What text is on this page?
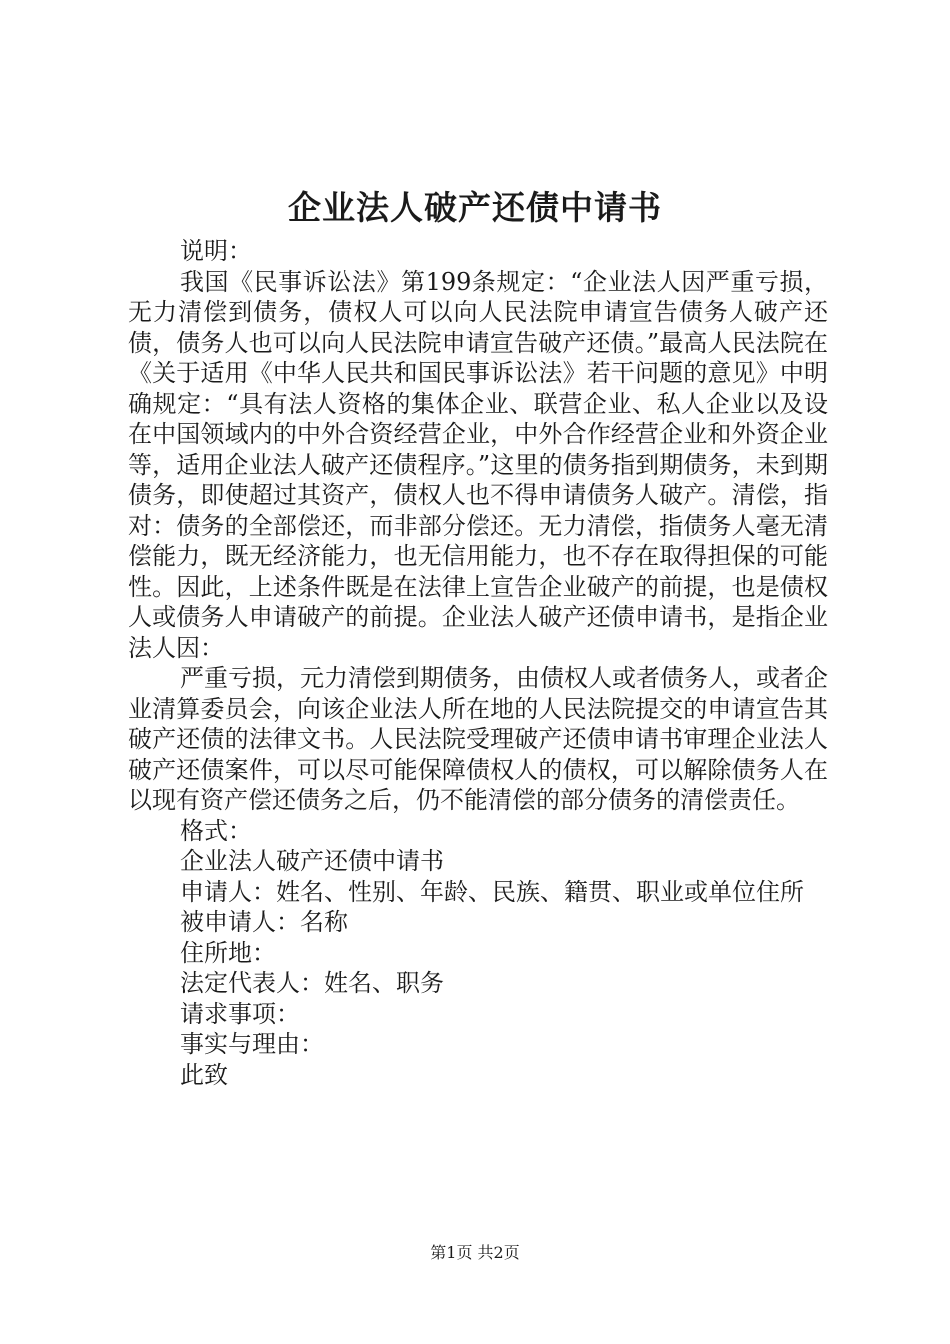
企业法人破产还债中请书

说明：

我国《民事诉讼法》第199条规定：“企业法人因严重亏损，无力清偿到债务，债权人可以向人民法院申请宣告债务人破产还债，债务人也可以向人民法院申请宣告破产还债。”最高人民法院在《关于适用《中华人民共和国民事诉讼法》若干问题的意见》中明确规定：“具有法人资格的集体企业、联营企业、私人企业以及设在中国领域内的中外合资经营企业，中外合作经营企业和外资企业等，适用企业法人破产还债程序。”这里的债务指到期债务，未到期债务，即使超过其资产，债权人也不得申请债务人破产。清偿，指对：债务的全部偿还，而非部分偿还。无力清偿，指债务人毫无清偿能力，既无经济能力，也无信用能力，也不存在取得担保的可能性。因此，上述条件既是在法律上宣告企业破产的前提，也是债权人或债务人申请破产的前提。企业法人破产还债申请书，是指企业法人因：

严重亏损，元力清偿到期债务，由债权人或者债务人，或者企业清算委员会，向该企业法人所在地的人民法院提交的申请宣告其破产还债的法律文书。人民法院受理破产还债申请书审理企业法人破产还债案件，可以尽可能保障债权人的债权，可以解除债务人在以现有资产偿还债务之后，仍不能清偿的部分债务的清偿责任。

格式：

企业法人破产还债中请书

申请人：姓名、性别、年龄、民族、籍贯、职业或单位住所

被申请人：名称

住所地：

法定代表人：姓名、职务

请求事项：

事实与理由：

此致

第1页 共2页
